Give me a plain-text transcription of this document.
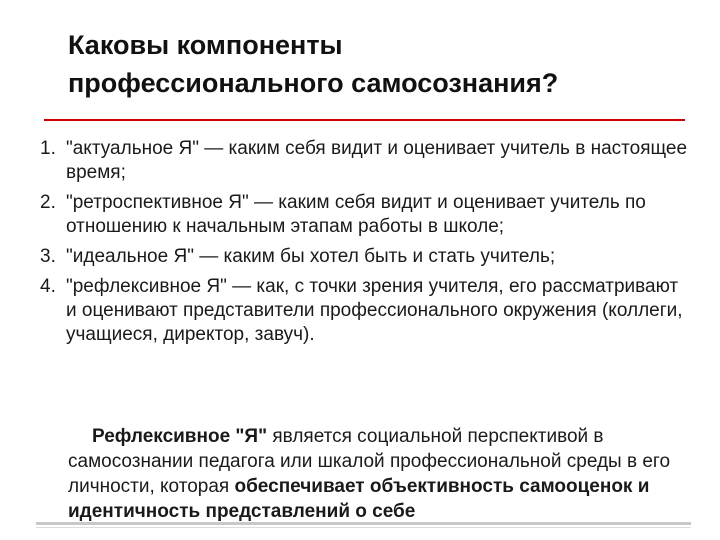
Каковы компоненты
профессионального самосознания?
1. "актуальное Я" — каким себя видит и оценивает учитель в настоящее время;
2. "ретроспективное Я" — каким себя видит и оценивает учитель по отношению к начальным этапам работы в школе;
3. "идеальное Я" — каким бы хотел быть и стать учитель;
4. "рефлексивное Я" — как, с точки зрения учителя, его рассматривают и оценивают представители профессионального окружения (коллеги, учащиеся, директор, завуч).
Рефлексивное "Я" является социальной перспективой в самосознании педагога или шкалой профессиональной среды в его личности, которая обеспечивает объективность самооценок и идентичность представлений о себе
